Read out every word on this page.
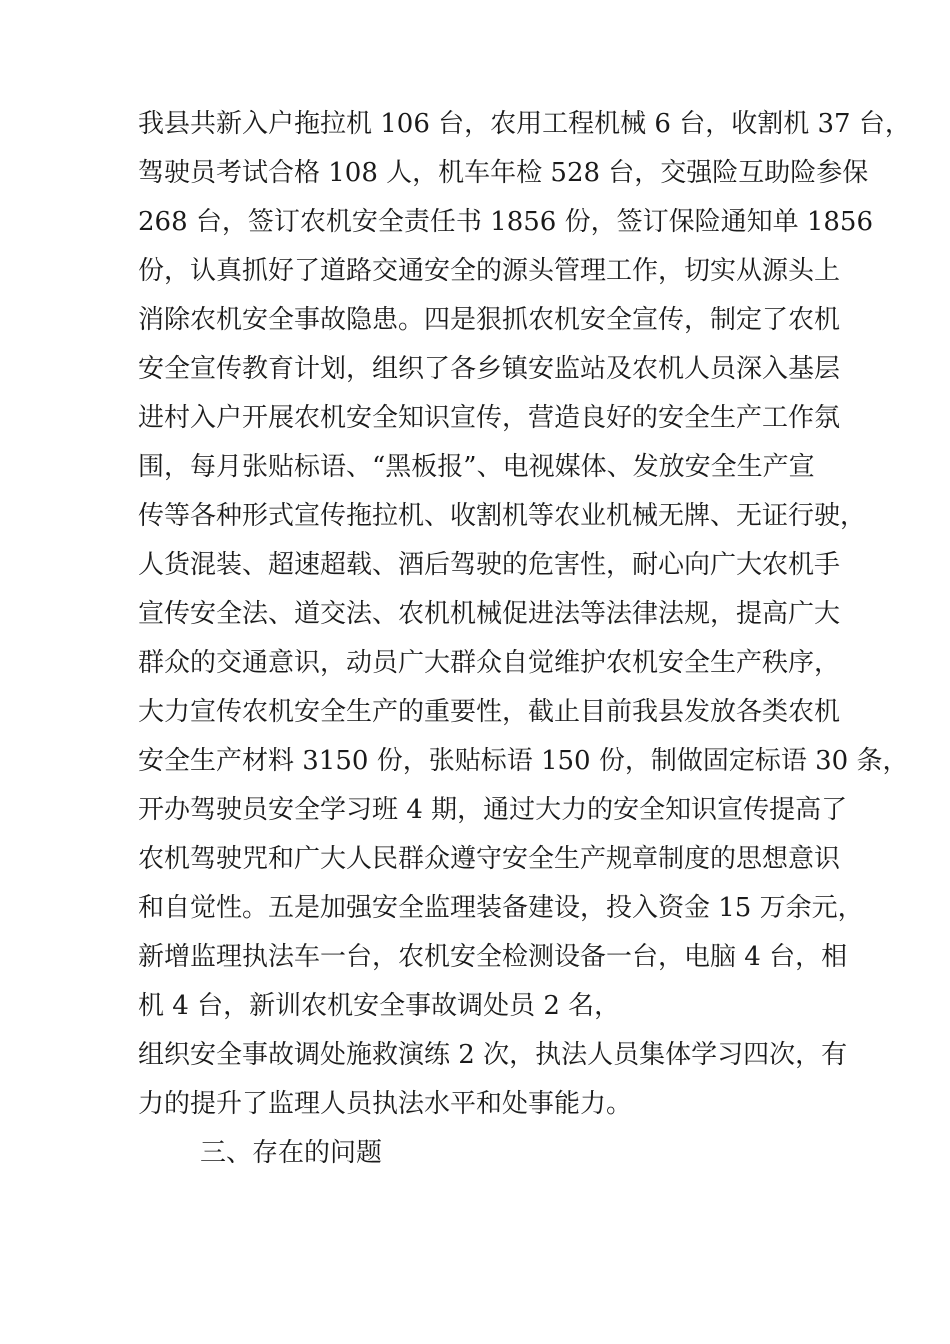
我县共新入户拖拉机 106 台，农用工程机械 6 台，收割机 37 台，
驾驶员考试合格 108 人，机车年检 528 台，交强险互助险参保
268 台，签订农机安全责任书 1856 份，签订保险通知单 1856
份，认真抓好了道路交通安全的源头管理工作，切实从源头上
消除农机安全事故隐患。四是狠抓农机安全宣传，制定了农机
安全宣传教育计划，组织了各乡镇安监站及农机人员深入基层
进村入户开展农机安全知识宣传，营造良好的安全生产工作氛
围，每月张贴标语、“黑板报”、电视媒体、发放安全生产宣
传等各种形式宣传拖拉机、收割机等农业机械无牌、无证行驶，
人货混装、超速超载、酒后驾驶的危害性，耐心向广大农机手
宣传安全法、道交法、农机机械促进法等法律法规，提高广大
群众的交通意识，动员广大群众自觉维护农机安全生产秩序，
大力宣传农机安全生产的重要性，截止目前我县发放各类农机
安全生产材料 3150 份，张贴标语 150 份，制做固定标语 30 条，
开办驾驶员安全学习班 4 期，通过大力的安全知识宣传提高了
农机驾驶咒和广大人民群众遵守安全生产规章制度的思想意识
和自觉性。五是加强安全监理装备建设，投入资金 15 万余元，
新增监理执法车一台，农机安全检测设备一台，电脑 4 台，相
机 4 台，新训农机安全事故调处员 2 名，
组织安全事故调处施救演练 2 次，执法人员集体学习四次，有
力的提升了监理人员执法水平和处事能力。
三、存在的问题
